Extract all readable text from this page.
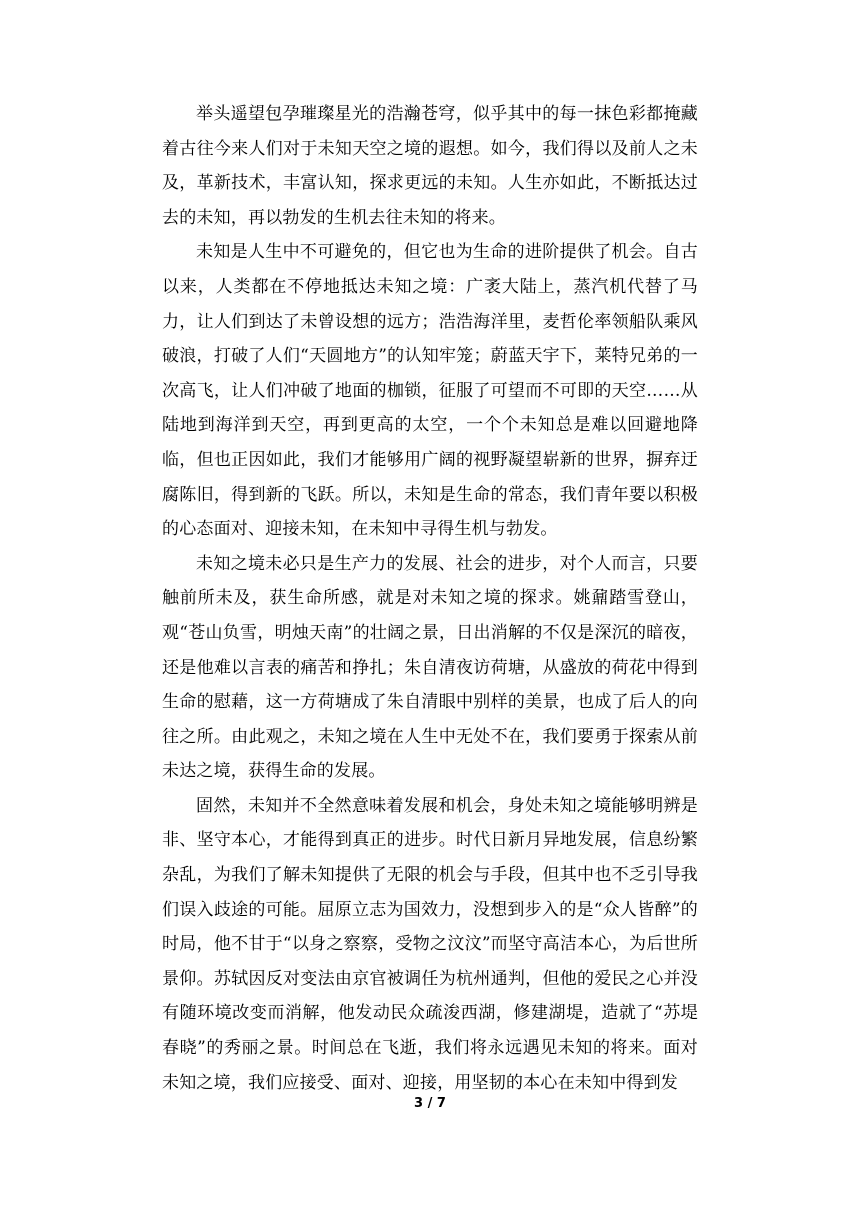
举头遥望包孕璀璨星光的浩瀚苍穹，似乎其中的每一抹色彩都掩藏着古往今来人们对于未知天空之境的遐想。如今，我们得以及前人之未及，革新技术，丰富认知，探求更远的未知。人生亦如此，不断抵达过去的未知，再以勃发的生机去往未知的将来。

未知是人生中不可避免的，但它也为生命的进阶提供了机会。自古以来，人类都在不停地抵达未知之境：广袤大陆上，蒸汽机代替了马力，让人们到达了未曾设想的远方；浩浩海洋里，麦哲伦率领船队乘风破浪，打破了人们“天圆地方”的认知牢笼；蔚蓝天宇下，莱特兄弟的一次高飞，让人们冲破了地面的枷锁，征服了可望而不可即的天空……从陆地到海洋到天空，再到更高的太空，一个个未知总是难以回避地降临，但也正因如此，我们才能够用广阔的视野凝望崭新的世界，摒弃迂腐陈旧，得到新的飞跃。所以，未知是生命的常态，我们青年要以积极的心态面对、迎接未知，在未知中寻得生机与勃发。

未知之境未必只是生产力的发展、社会的进步，对个人而言，只要触前所未及，获生命所感，就是对未知之境的探求。姚鼐踏雪登山，观“苍山负雪，明烛天南”的壮阔之景，日出消解的不仅是深沉的暗夜，还是他难以言表的痛苦和挣扎；朱自清夜访荷塘，从盛放的荷花中得到生命的慰藉，这一方荷塘成了朱自清眼中别样的美景，也成了后人的向往之所。由此观之，未知之境在人生中无处不在，我们要勇于探索从前未达之境，获得生命的发展。

固然，未知并不全然意味着发展和机会，身处未知之境能够明辨是非、坚守本心，才能得到真正的进步。时代日新月异地发展，信息纷繁杂乱，为我们了解未知提供了无限的机会与手段，但其中也不乏引导我们误入歧途的可能。屈原立志为国效力，没想到步入的是“众人皆醉”的时局，他不甘于“以身之察察，受物之汶汶”而坚守高洁本心，为后世所景仰。苏轼因反对变法由京官被调任为杭州通判，但他的爱民之心并没有随环境改变而消解，他发动民众疏浚西湖，修建湖堤，造就了“苏堤春晓”的秀丽之景。时间总在飞逝，我们将永远遇见未知的将来。面对未知之境，我们应接受、面对、迎接，用坚韧的本心在未知中得到发

3 / 7
